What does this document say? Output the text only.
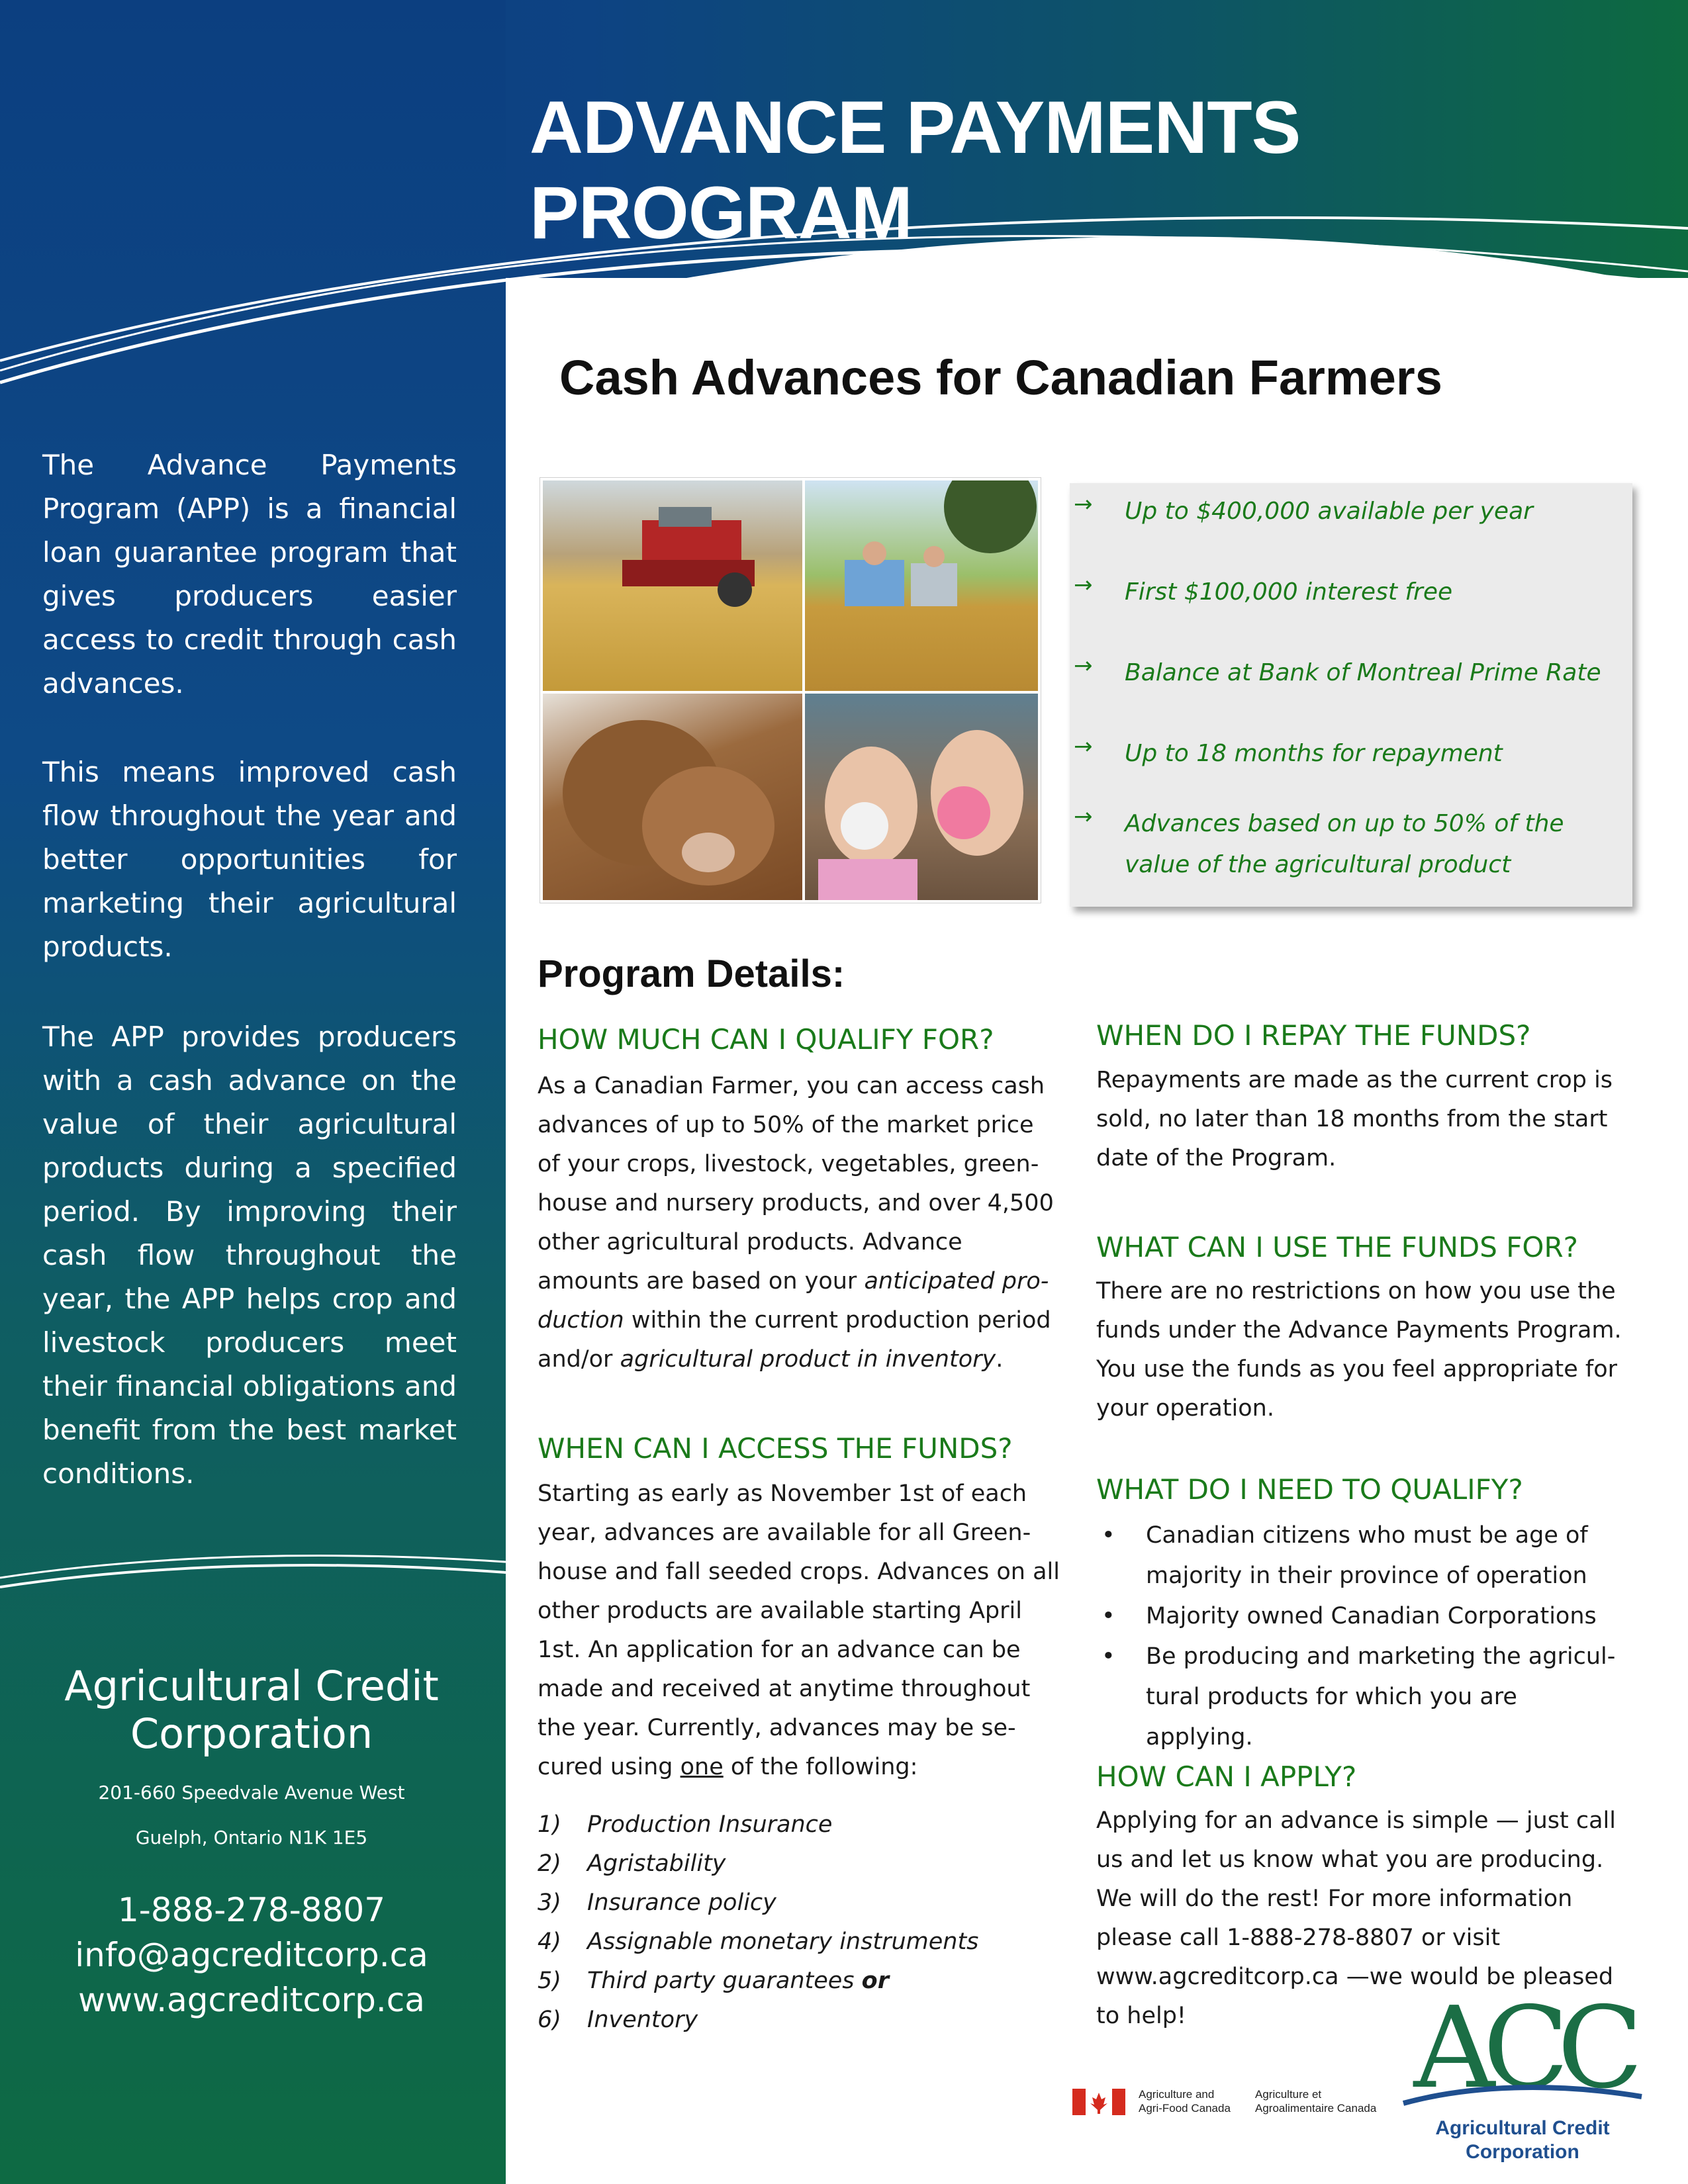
ADVANCE PAYMENTS PROGRAM

The Advance Payments Program (APP) is a financial loan guarantee program that gives producers easier access to credit through cash advances.

This means improved cash flow throughout the year and better opportunities for marketing their agricultural products.

The APP provides producers with a cash advance on the value of their agricultural products during a specified period. By improving their cash flow throughout the year, the APP helps crop and livestock producers meet their financial obligations and benefit from the best market conditions.

Agricultural Credit
Corporation
201-660 Speedvale Avenue West
Guelph, Ontario N1K 1E5
1-888-278-8807
info@agcreditcorp.ca
www.agcreditcorp.ca
Cash Advances for Canadian Farmers
→ Up to $400,000 available per year
→ First $100,000 interest free
→ Balance at Bank of Montreal Prime Rate
→ Up to 18 months for repayment
→ Advances based on up to 50% of the value of the agricultural product
Program Details:
HOW MUCH CAN I QUALIFY FOR?

As a Canadian Farmer, you can access cash advances of up to 50% of the market price of your crops, livestock, vegetables, green-house and nursery products, and over 4,500 other agricultural products. Advance amounts are based on your anticipated pro-duction within the current production period and/or agricultural product in inventory.

WHEN CAN I ACCESS THE FUNDS?

Starting as early as November 1st of each year, advances are available for all Green-house and fall seeded crops. Advances on all other products are available starting April 1st. An application for an advance can be made and received at anytime throughout the year. Currently, advances may be se-cured using one of the following:

1) Production Insurance
2) Agristability
3) Insurance policy
4) Assignable monetary instruments
5) Third party guarantees or
6) Inventory
WHEN DO I REPAY THE FUNDS?

Repayments are made as the current crop is sold, no later than 18 months from the start date of the Program.

WHAT CAN I USE THE FUNDS FOR?

There are no restrictions on how you use the funds under the Advance Payments Program. You use the funds as you feel appropriate for your operation.

WHAT DO I NEED TO QUALIFY?
• Canadian citizens who must be age of majority in their province of operation
• Majority owned Canadian Corporations
• Be producing and marketing the agricul-tural products for which you are applying.
HOW CAN I APPLY?

Applying for an advance is simple — just call us and let us know what you are producing. We will do the rest! For more information please call 1-888-278-8807 or visit www.agcreditcorp.ca —we would be pleased to help!

Agriculture and
Agri-Food Canada
Agriculture et
Agroalimentaire Canada ACC
Agricultural Credit
Corporation
